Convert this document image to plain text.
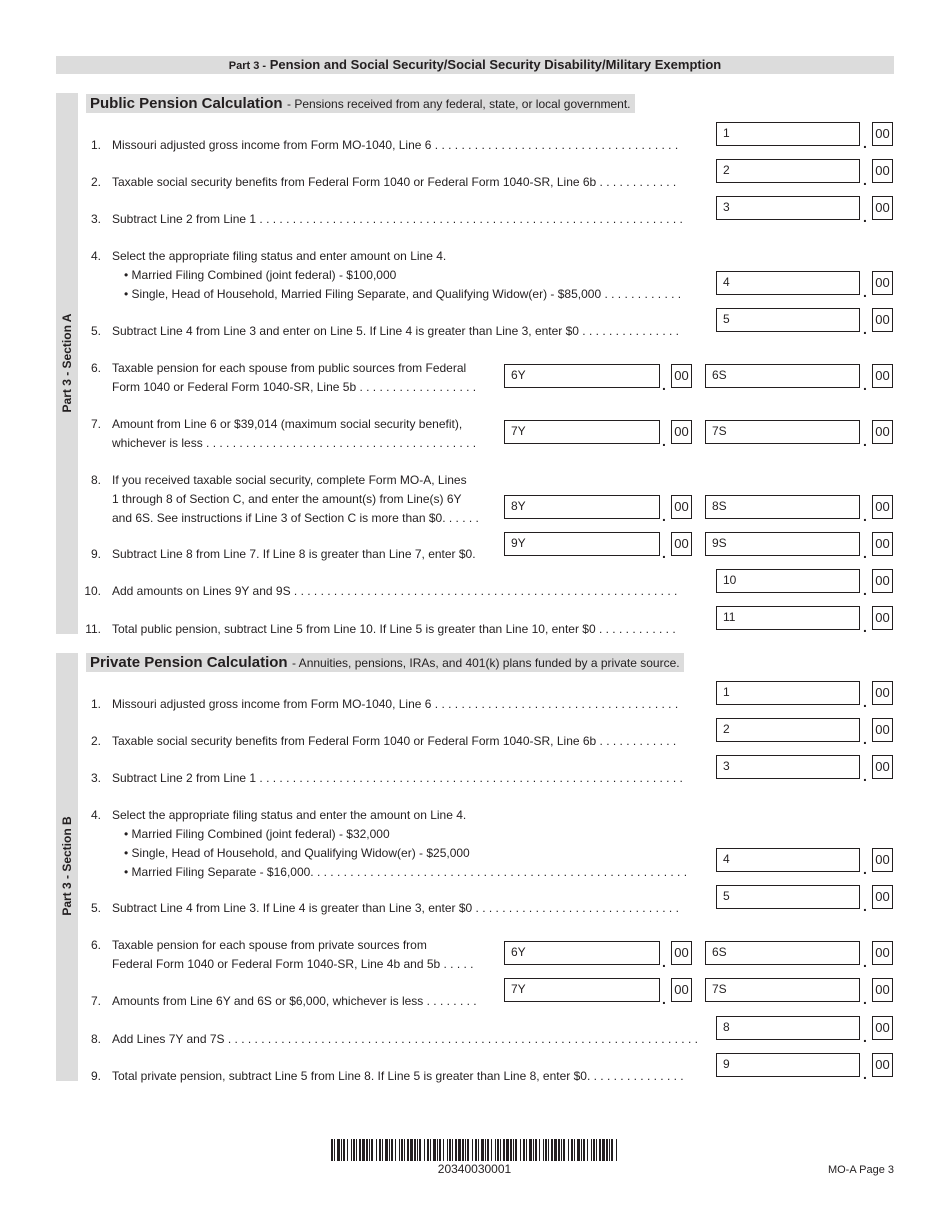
Part 3 - Pension and Social Security/Social Security Disability/Military Exemption
Part 3 - Section A
Public Pension Calculation - Pensions received from any federal, state, or local government.
1. Missouri adjusted gross income from Form MO-1040, Line 6 . . . . . . . . . . . . . . . . . . . . . . . . . . . . . . . . . . . . .
1
.
00
2. Taxable social security benefits from Federal Form 1040 or Federal Form 1040-SR, Line 6b . . . . . . . . . . . .
2
.
00
3. Subtract Line 2 from Line 1 . . . . . . . . . . . . . . . . . . . . . . . . . . . . . . . . . . . . . . . . . . . . . . . . . . . . . . . . . . . . . . . .
3
.
00
4. Select the appropriate filing status and enter amount on Line 4.
• Married Filing Combined (joint federal) - $100,000
• Single, Head of Household, Married Filing Separate, and Qualifying Widow(er) - $85,000 . . . . . . . . . . . .
4
.
00
5. Subtract Line 4 from Line 3 and enter on Line 5. If Line 4 is greater than Line 3, enter $0 . . . . . . . . . . . . . . .
5
.
00
6. Taxable pension for each spouse from public sources from Federal
Form 1040 or Federal Form 1040-SR, Line 5b . . . . . . . . . . . . . . . . . .
6Y
.
00 6S
.
00
7. Amount from Line 6 or $39,014 (maximum social security benefit),
whichever is less . . . . . . . . . . . . . . . . . . . . . . . . . . . . . . . . . . . . . . . . .
7Y
.
00 7S
.
00
8. If you received taxable social security, complete Form MO-A, Lines
1 through 8 of Section C, and enter the amount(s) from Line(s) 6Y
and 6S. See instructions if Line 3 of Section C is more than $0. . . . . .
8Y
.
00 8S
.
00
9. Subtract Line 8 from Line 7. If Line 8 is greater than Line 7, enter $0.
9Y
.
00 9S
.
00
10. Add amounts on Lines 9Y and 9S . . . . . . . . . . . . . . . . . . . . . . . . . . . . . . . . . . . . . . . . . . . . . . . . . . . . . . . . . .
10
.
00
11. Total public pension, subtract Line 5 from Line 10. If Line 5 is greater than Line 10, enter $0 . . . . . . . . . . . .
11
.
00
Part 3 - Section B
Private Pension Calculation - Annuities, pensions, IRAs, and 401(k) plans funded by a private source.
1. Missouri adjusted gross income from Form MO-1040, Line 6 . . . . . . . . . . . . . . . . . . . . . . . . . . . . . . . . . . . . .
1
.
00
2. Taxable social security benefits from Federal Form 1040 or Federal Form 1040-SR, Line 6b . . . . . . . . . . . .
2
.
00
3. Subtract Line 2 from Line 1 . . . . . . . . . . . . . . . . . . . . . . . . . . . . . . . . . . . . . . . . . . . . . . . . . . . . . . . . . . . . . . . .
3
.
00
4. Select the appropriate filing status and enter the amount on Line 4.
• Married Filing Combined (joint federal) - $32,000
• Single, Head of Household, and Qualifying Widow(er) - $25,000
• Married Filing Separate - $16,000. . . . . . . . . . . . . . . . . . . . . . . . . . . . . . . . . . . . . . . . . . . . . . . . . . . . . . . . .
4
.
00
5. Subtract Line 4 from Line 3. If Line 4 is greater than Line 3, enter $0 . . . . . . . . . . . . . . . . . . . . . . . . . . . . . . .
5
.
00
6. Taxable pension for each spouse from private sources from
Federal Form 1040 or Federal Form 1040-SR, Line 4b and 5b . . . . .
6Y
.
00 6S
.
00
7. Amounts from Line 6Y and 6S or $6,000, whichever is less . . . . . . . .
7Y
.
00 7S
.
00
8. Add Lines 7Y and 7S . . . . . . . . . . . . . . . . . . . . . . . . . . . . . . . . . . . . . . . . . . . . . . . . . . . . . . . . . . . . . . . . . . . . . . .
8
.
00
9. Total private pension, subtract Line 5 from Line 8. If Line 5 is greater than Line 8, enter $0. . . . . . . . . . . . . . .
9
.
00
20340030001	MO-A Page 3
